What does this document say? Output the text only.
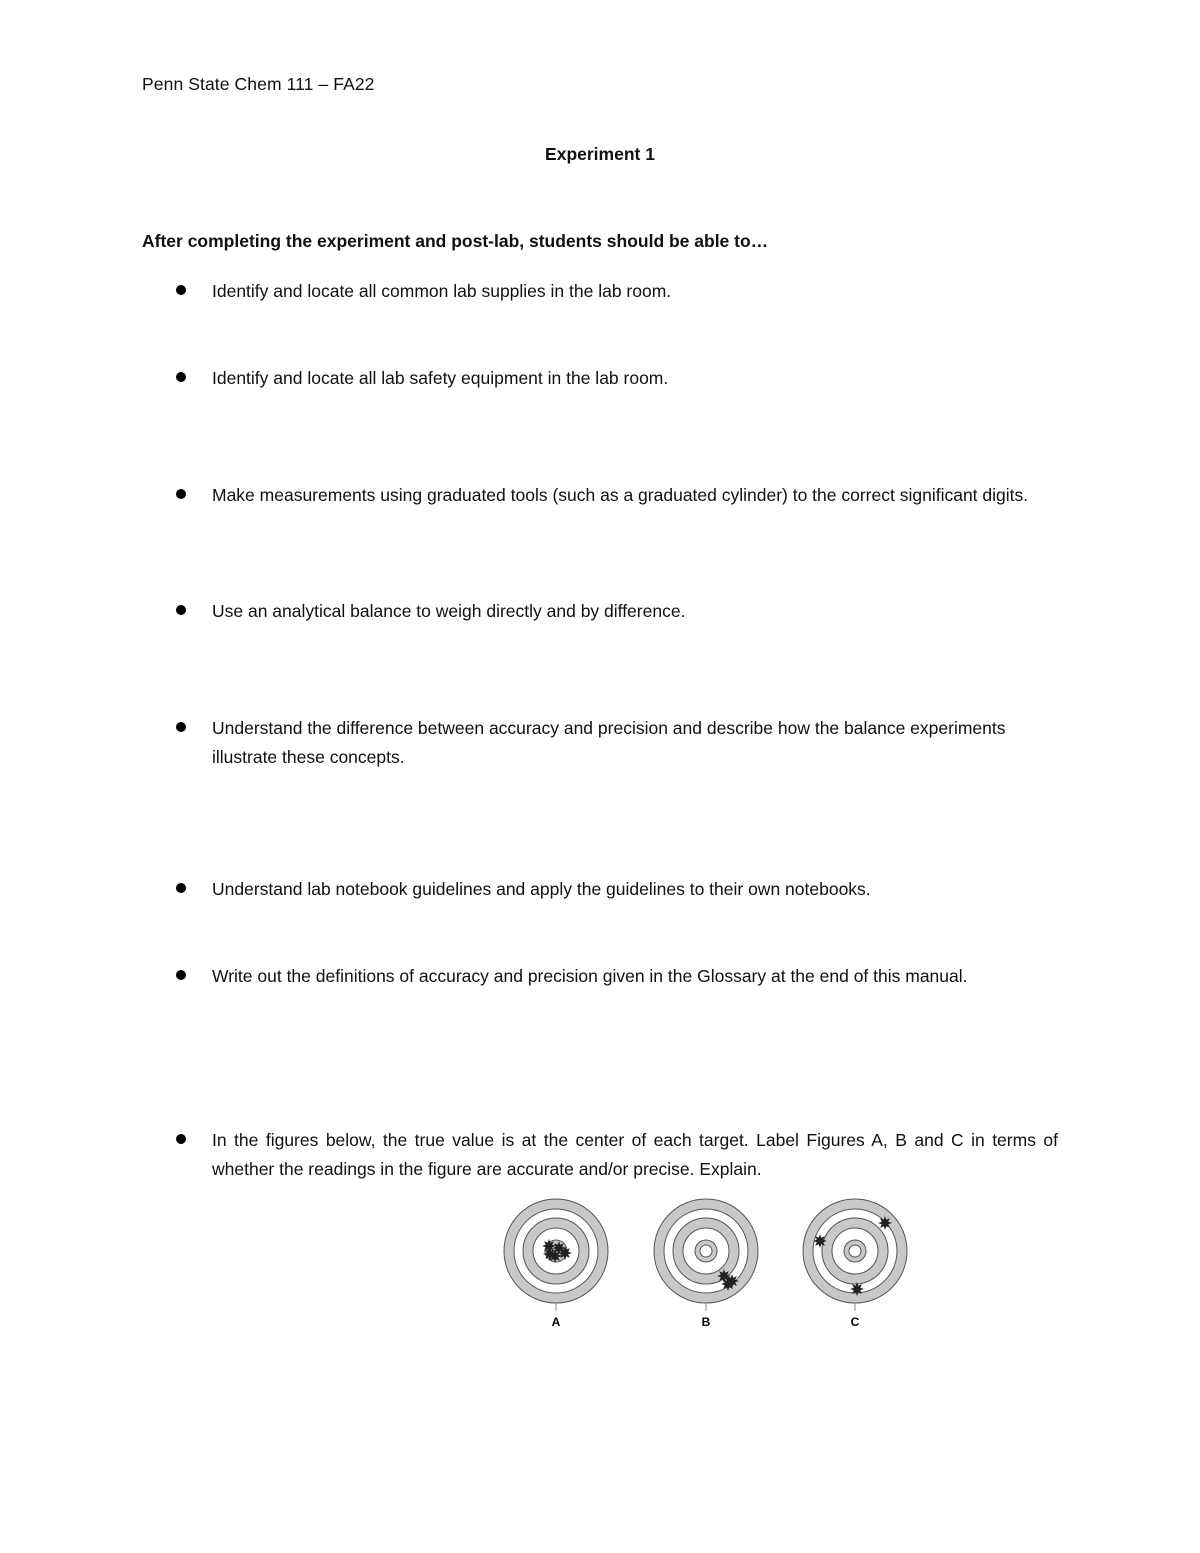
Penn State Chem 111 – FA22
Experiment 1
After completing the experiment and post-lab, students should be able to…
Identify and locate all common lab supplies in the lab room.
Identify and locate all lab safety equipment in the lab room.
Make measurements using graduated tools (such as a graduated cylinder) to the correct significant digits.
Use an analytical balance to weigh directly and by difference.
Understand the difference between accuracy and precision and describe how the balance experiments illustrate these concepts.
Understand lab notebook guidelines and apply the guidelines to their own notebooks.
Write out the definitions of accuracy and precision given in the Glossary at the end of this manual.
In the figures below, the true value is at the center of each target. Label Figures A, B and C in terms of whether the readings in the figure are accurate and/or precise. Explain.
A	B	C
